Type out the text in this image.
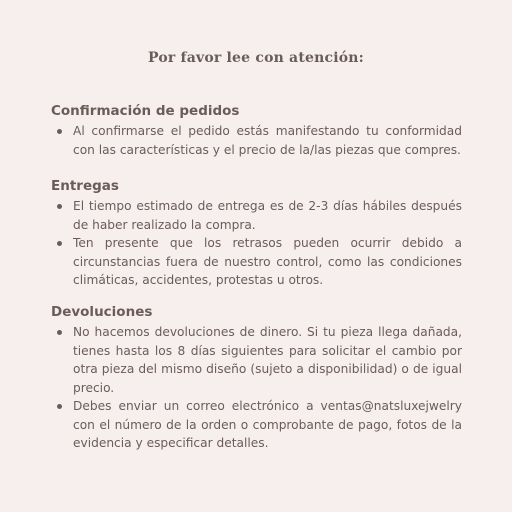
Por favor lee con atención:
Confirmación de pedidos
Al confirmarse el pedido estás manifestando tu conformidad con las características y el precio de la/las piezas que compres.
Entregas
El tiempo estimado de entrega es de 2-3 días hábiles después de haber realizado la compra.
Ten presente que los retrasos pueden ocurrir debido a circunstancias fuera de nuestro control, como las condiciones climáticas, accidentes, protestas u otros.
Devoluciones
No hacemos devoluciones de dinero. Si tu pieza llega dañada, tienes hasta los 8 días siguientes para solicitar el cambio por otra pieza del mismo diseño (sujeto a disponibilidad) o de igual precio.
Debes enviar un correo electrónico a ventas@natsluxejwelry con el número de la orden o comprobante de pago, fotos de la evidencia y especificar detalles.
